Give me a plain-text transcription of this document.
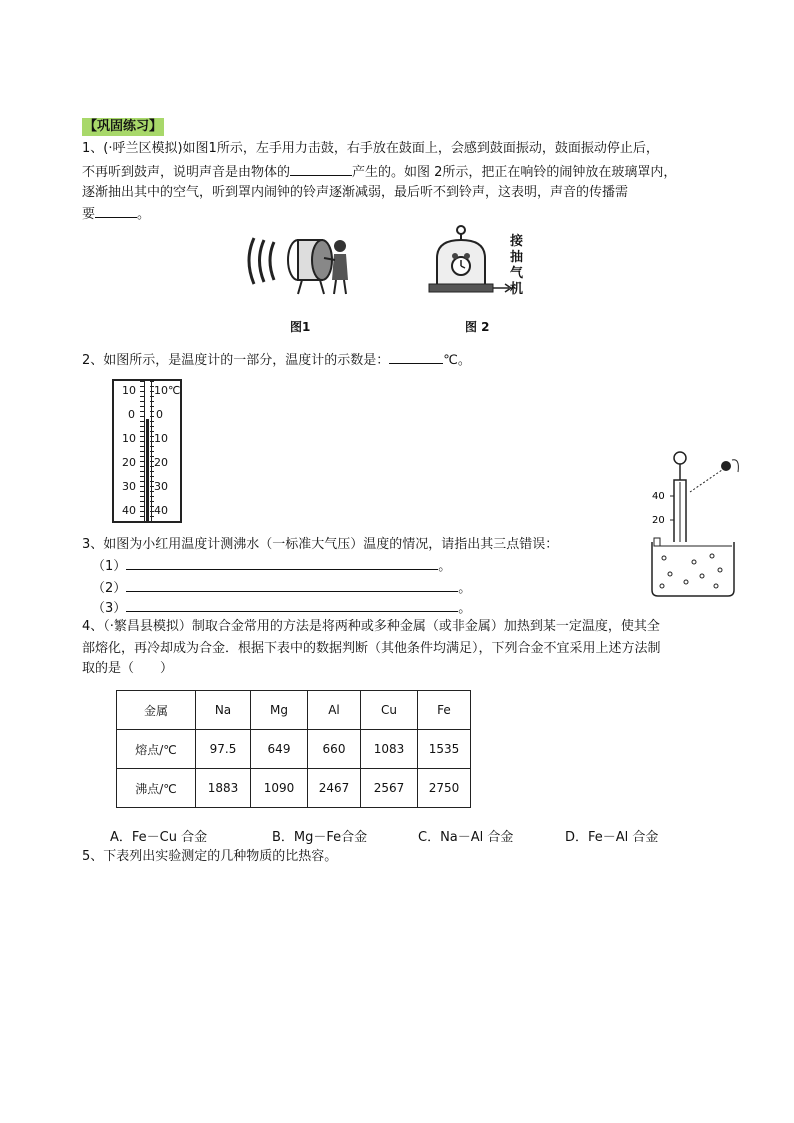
【巩固练习】
1、(·呼兰区模拟)如图1所示，左手用力击鼓，右手放在鼓面上，会感到鼓面振动，鼓面振动停止后，
不再听到鼓声，说明声音是由物体的	产生的。如图 2所示，把正在响铃的闹钟放在玻璃罩内，
逐渐抽出其中的空气，听到罩内闹钟的铃声逐渐减弱，最后听不到铃声，这表明，声音的传播需
要	。
图1
接抽气机
图 2
2、如图所示，是温度计的一部分，温度计的示数是：	℃。
10
0
10
20
30
40
10℃
0
10
20
30
40
40
20
3、如图为小红用温度计测沸水（一标准大气压）温度的情况，请指出其三点错误：
（1）	。
（2）	。
（3）	。
4、（·繁昌县模拟）制取合金常用的方法是将两种或多种金属（或非金属）加热到某一定温度，使其全
部熔化，再冷却成为合金．根据下表中的数据判断（其他条件均满足），下列合金不宜采用上述方法制
取的是（　　）
金属	Na	Mg	Al	Cu	Fe
熔点/℃	97.5	649	660	1083	1535
沸点/℃	1883	1090	2467	2567	2750
A．Fe－Cu 合金	B．Mg－Fe合金	C．Na－Al 合金	D．Fe－Al 合金
5、下表列出实验测定的几种物质的比热容。
